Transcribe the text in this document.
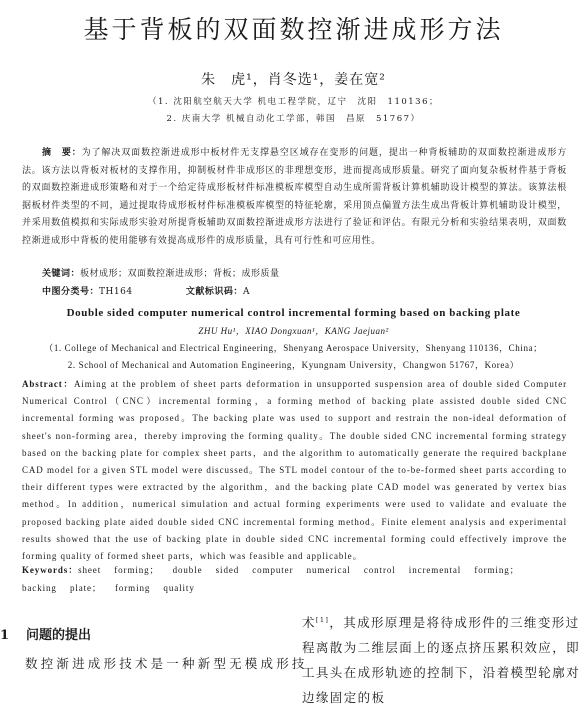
基于背板的双面数控渐进成形方法
朱　虎¹，肖冬选¹，姜在宽²
（1. 沈阳航空航天大学 机电工程学院，辽宁　沈阳　110136；
2. 庆南大学 机械自动化工学部，韩国　昌原　51767）
摘　要：为了解决双面数控渐进成形中板材件无支撑悬空区域存在变形的问题，提出一种背板辅助的双面数控渐进成形方法。该方法以背板对板材的支撑作用，抑制板材件非成形区的非理想变形，进而提高成形质量。研究了面向复杂板材件基于背板的双面数控渐进成形策略和对于一个给定待成形板材件标准模板库模型自动生成所需背板计算机辅助设计模型的算法。该算法根据板材件类型的不同，通过提取待成形板材件标准模板库模型的特征轮廓，采用顶点偏置方法生成出背板计算机辅助设计模型，并采用数值模拟和实际成形实验对所提背板辅助双面数控渐进成形方法进行了验证和评估。有限元分析和实验结果表明，双面数控渐进成形中背板的使用能够有效提高成形件的成形质量，具有可行性和可应用性。
关键词：板材成形；双面数控渐进成形；背板；成形质量
中图分类号：TH164	文献标识码：A
Double sided computer numerical control incremental forming based on backing plate
ZHU Hu¹，XIAO Dongxuan¹，KANG Jaejuan²
（1. College of Mechanical and Electrical Engineering，Shenyang Aerospace University，Shenyang 110136，China；
2. School of Mechanical and Automation Engineering，Kyungnam University，Changwon 51767，Korea）
Abstract：Aiming at the problem of sheet parts deformation in unsupported suspension area of double sided Computer Numerical Control（CNC）incremental forming，a forming method of backing plate assisted double sided CNC incremental forming was proposed。The backing plate was used to support and restrain the non-ideal deformation of sheet's non-forming area，thereby improving the forming quality。The double sided CNC incremental forming strategy based on the backing plate for complex sheet parts，and the algorithm to automatically generate the required backplane CAD model for a given STL model were discussed。The STL model contour of the to-be-formed sheet parts according to their different types were extracted by the algorithm，and the backing plate CAD model was generated by vertex bias method。In addition，numerical simulation and actual forming experiments were used to validate and evaluate the proposed backing plate aided double sided CNC incremental forming method。Finite element analysis and experimental results showed that the use of backing plate in double sided CNC incremental forming could effectively improve the forming quality of formed sheet parts，which was feasible and applicable。
Keywords：sheet forming； double sided computer numerical control incremental forming； backing plate； forming quality
1 问题的提出
数控渐进成形技术是一种新型无模成形技
术[1]，其成形原理是将待成形件的三维变形过程离散为二维层面上的逐点挤压累积效应，即工具头在成形轨迹的控制下，沿着模型轮廓对边缘固定的板
